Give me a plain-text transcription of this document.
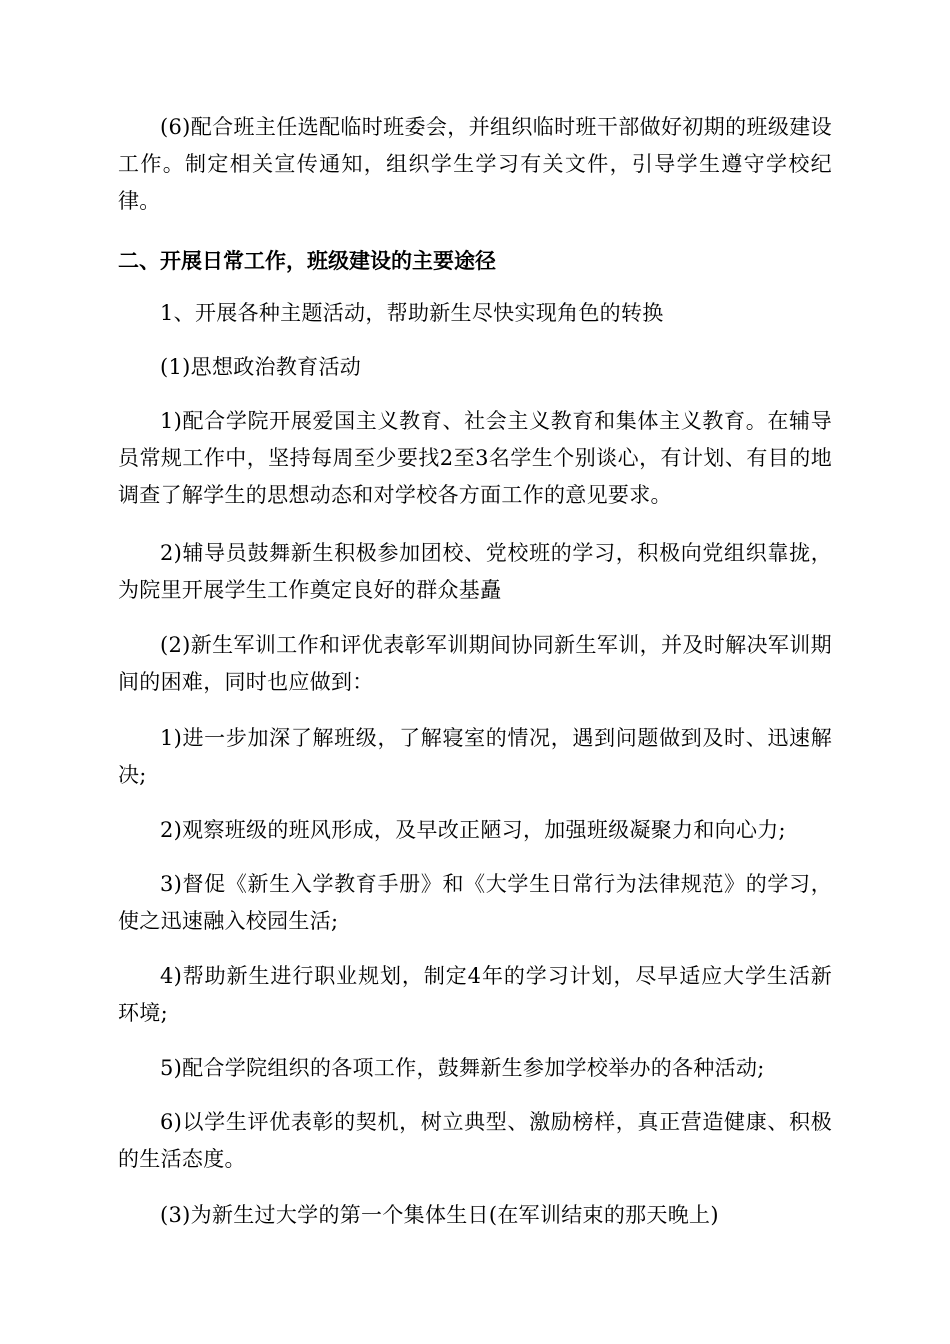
(6)配合班主任选配临时班委会，并组织临时班干部做好初期的班级建设工作。制定相关宣传通知，组织学生学习有关文件，引导学生遵守学校纪律。

二、开展日常工作，班级建设的主要途径

1、开展各种主题活动，帮助新生尽快实现角色的转换

(1)思想政治教育活动

1)配合学院开展爱国主义教育、社会主义教育和集体主义教育。在辅导员常规工作中，坚持每周至少要找2至3名学生个别谈心，有计划、有目的地调查了解学生的思想动态和对学校各方面工作的意见要求。

2)辅导员鼓舞新生积极参加团校、党校班的学习，积极向党组织靠拢，为院里开展学生工作奠定良好的群众基矗

(2)新生军训工作和评优表彰军训期间协同新生军训，并及时解决军训期间的困难，同时也应做到：

1)进一步加深了解班级，了解寝室的情况，遇到问题做到及时、迅速解决;

2)观察班级的班风形成，及早改正陋习，加强班级凝聚力和向心力;

3)督促《新生入学教育手册》和《大学生日常行为法律规范》的学习，使之迅速融入校园生活;

4)帮助新生进行职业规划，制定4年的学习计划，尽早适应大学生活新环境;

5)配合学院组织的各项工作，鼓舞新生参加学校举办的各种活动;

6)以学生评优表彰的契机，树立典型、激励榜样，真正营造健康、积极的生活态度。

(3)为新生过大学的第一个集体生日(在军训结束的那天晚上)
